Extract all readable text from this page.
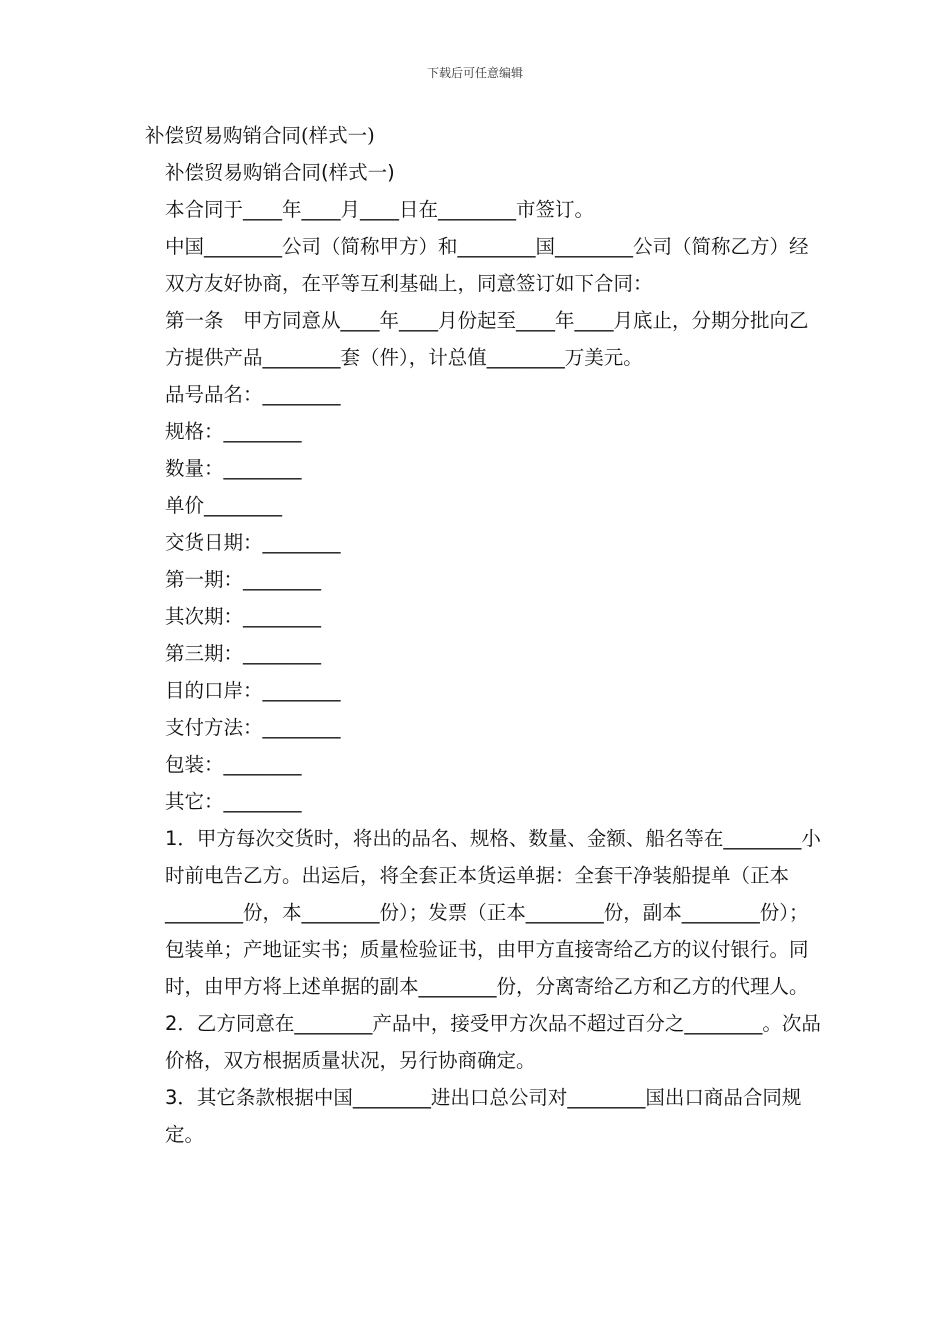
下载后可任意编辑

补偿贸易购销合同(样式一)

补偿贸易购销合同(样式一)

本合同于____年____月____日在________市签订。

中国________公司（简称甲方）和________国________公司（简称乙方）经双方友好协商，在平等互利基础上，同意签订如下合同：

第一条　甲方同意从____年____月份起至____年____月底止，分期分批向乙方提供产品________套（件），计总值________万美元。

品号品名：________

规格：________

数量：________

单价________

交货日期：________

第一期：________

其次期：________

第三期：________

目的口岸：________

支付方法：________

包装：________

其它：________

1．甲方每次交货时，将出的品名、规格、数量、金额、船名等在________小时前电告乙方。出运后，将全套正本货运单据：全套干净装船提单（正本________份，本________份）；发票（正本________份，副本________份）；包装单；产地证实书；质量检验证书，由甲方直接寄给乙方的议付银行。同时，由甲方将上述单据的副本________份，分离寄给乙方和乙方的代理人。

2．乙方同意在________产品中，接受甲方次品不超过百分之________。次品价格，双方根据质量状况，另行协商确定。

3．其它条款根据中国________进出口总公司对________国出口商品合同规定。
